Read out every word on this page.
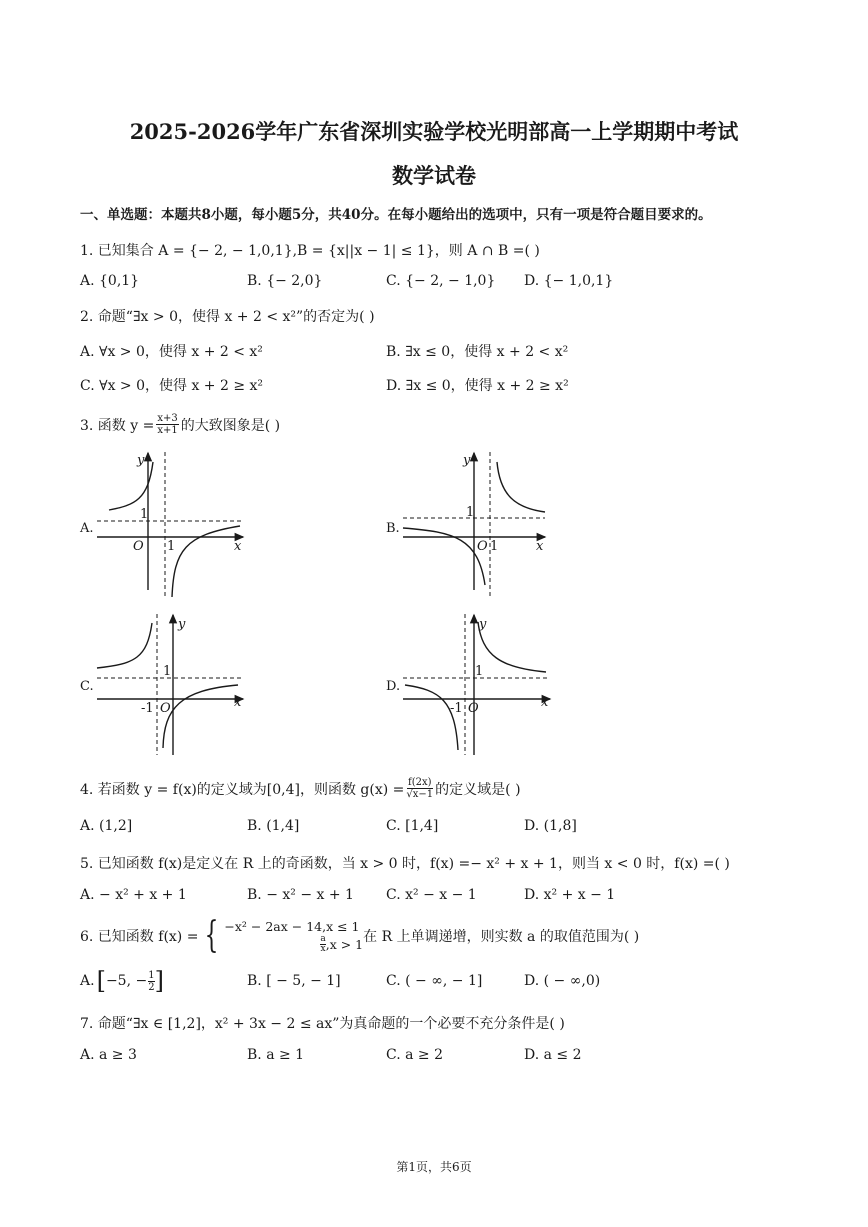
2025-2026学年广东省深圳实验学校光明部高一上学期期中考试
数学试卷
一、单选题：本题共8小题，每小题5分，共40分。在每小题给出的选项中，只有一项是符合题目要求的。
1. 已知集合 A = {− 2, − 1,0,1},B = {x||x − 1| ≤ 1}，则 A ∩ B =( )
A. {0,1}	B. {− 2,0}	C. {− 2, − 1,0} D. {− 1,0,1}
2. 命题“∃x > 0，使得 x + 2 < x²”的否定为( )
A. ∀x > 0，使得 x + 2 < x²	B. ∃x ≤ 0，使得 x + 2 < x²
C. ∀x > 0，使得 x + 2 ≥ x²	D. ∃x ≤ 0，使得 x + 2 ≥ x²
3. 函数 $y = \frac{x+3}{x+1}$ 的大致图象是( )
A.
y
x
O
1
1
B.
y
x
O
1
1
C.
y
x
O
1
-1
D.
y
x
O
1
-1
4. 若函数 y = f(x)的定义域为[0,4]，则函数 $g(x) = \frac{f(2x)}{√x-1}$ 的定义域是( )
A. (1,2]	B. (1,4]	C. [1,4]	D. (1,8]
5. 已知函数 f(x)是定义在 R 上的奇函数，当 x > 0 时，f(x) =− x² + x + 1，则当 x < 0 时，f(x) =( )
A. − x² + x + 1	B. − x² − x + 1 C. x² − x − 1	D. x² + x − 1
6. 已知函数 f(x) = { −x² − 2ax − 14,x ≤ 1
$\frac{a}{x} ,x > 1$ 在 R 上单调递增，则实数 a 的取值范围为( )
A. [ −5, − $\frac{1}{2}$ ]	B. [ − 5, − 1]	C. ( − ∞, − 1]	D. ( − ∞,0)
7. 命题“∃x ∈ [1,2]，x² + 3x − 2 ≤ ax”为真命题的一个必要不充分条件是( )
A. a ≥ 3	B. a ≥ 1	C. a ≥ 2	D. a ≤ 2
第1页，共6页
